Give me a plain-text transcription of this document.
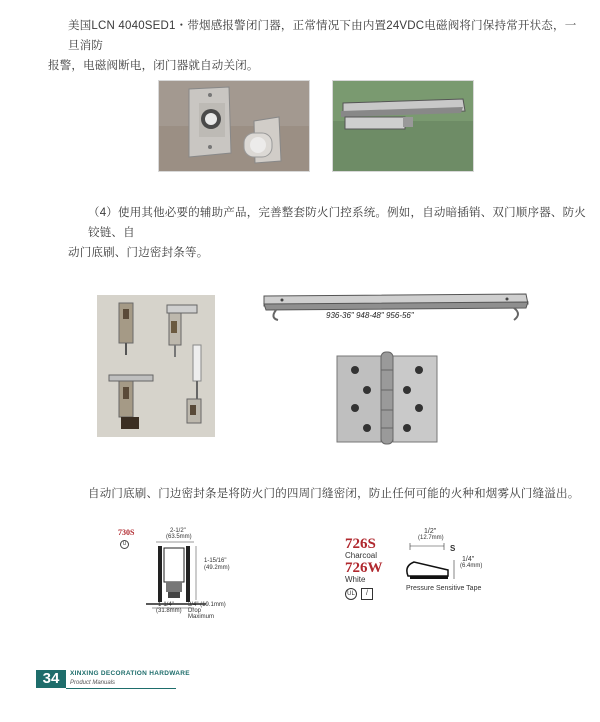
美国LCN 4040SED1・带烟感报警闭门器，正常情况下由内置24VDC电磁阀将门保持常开状态，一旦消防
报警，电磁阀断电，闭门器就自动关闭。
（4）使用其他必要的辅助产品，完善整套防火门控系统。例如，自动暗插销、双门顺序器、防火铰链、自
动门底刷、门边密封条等。
936-36" 948-48" 956-56"
自动门底刷、门边密封条是将防火门的四周门缝密闭，防止任何可能的火种和烟雾从门缝溢出。
730S
U
2-1/2"
(63.5mm)
1-15/16"
(49.2mm)
1-1/4"
(31.8mm)
3/4" (19.1mm)
Drop Maximum
726S
Charcoal
726W
White
UL	/
1/2"
(12.7mm)
S
1/4"
(6.4mm)
Pressure Sensitive Tape
34	XINXING DECORATION HARDWARE
Product Manuals
